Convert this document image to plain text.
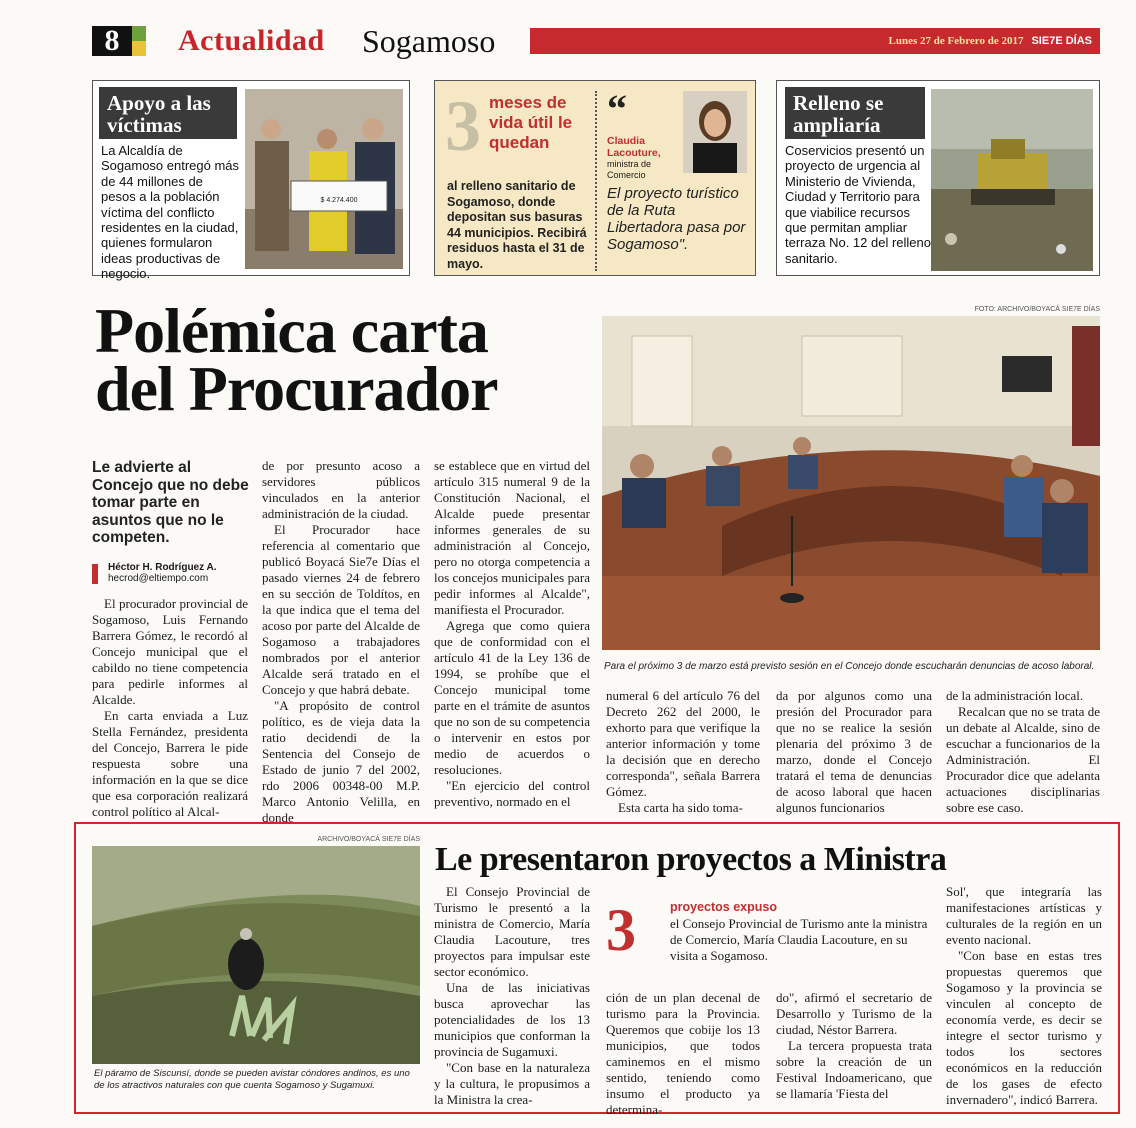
8	Actualidad Sogamoso	Lunes 27 de Febrero de 2017 SIE7E DÍAS
Apoyo a las víctimas
La Alcaldía de Sogamoso entregó más de 44 millones de pesos a la población víctima del conflicto residentes en la ciudad, quienes formularon ideas productivas de negocio.
$ 4.274.400
3 meses de vida útil le quedan
al relleno sanitario de Sogamoso, donde depositan sus basuras 44 municipios. Recibirá residuos hasta el 31 de mayo.
“
Claudia Lacouture,
ministra de Comercio
El proyecto turístico de la Ruta Libertadora pasa por Sogamoso".
Relleno se ampliaría
Coservicios presentó un proyecto de urgencia al Ministerio de Vivienda, Ciudad y Territorio para que viabilice recursos que permitan ampliar terraza No. 12 del relleno sanitario.
Polémica carta del Procurador
Le advierte al Concejo que no debe tomar parte en asuntos que no le competen.
Héctor H. Rodríguez A.
hecrod@eltiempo.com

El procurador provincial de Sogamoso, Luis Fernando Barrera Gómez, le recordó al Concejo municipal que el cabildo no tiene competencia para pedirle informes al Alcalde.

En carta enviada a Luz Stella Fernández, presidenta del Concejo, Barrera le pide respuesta sobre una información en la que se dice que esa corporación realizará control político al Alcal-

de por presunto acoso a servidores públicos vinculados en la anterior administración de la ciudad.

El Procurador hace referencia al comentario que publicó Boyacá Sie7e Días el pasado viernes 24 de febrero en su sección de Toldítos, en la que indica que el tema del acoso por parte del Alcalde de Sogamoso a trabajadores nombrados por el anterior Alcalde será tratado en el Concejo y que habrá debate.

"A propósito de control político, es de vieja data la ratio decidendi de la Sentencia del Consejo de Estado de junio 7 del 2002, rdo 2006 00348-00 M.P. Marco Antonio Velilla, en donde

se establece que en virtud del artículo 315 numeral 9 de la Constitución Nacional, el Alcalde puede presentar informes generales de su administración al Concejo, pero no otorga competencia a los concejos municipales para pedir informes al Alcalde", manifiesta el Procurador.

Agrega que como quiera que de conformidad con el artículo 41 de la Ley 136 de 1994, se prohíbe que el Concejo municipal tome parte en el trámite de asuntos que no son de su competencia o intervenir en estos por medio de acuerdos o resoluciones.

"En ejercicio del control preventivo, normado en el

FOTO: ARCHIVO/BOYACÁ SIE7E DÍAS
Para el próximo 3 de marzo está previsto sesión en el Concejo donde escucharán denuncias de acoso laboral.

numeral 6 del artículo 76 del Decreto 262 del 2000, le exhorto para que verifique la anterior información y tome la decisión que en derecho corresponda", señala Barrera Gómez.

Esta carta ha sido toma-

da por algunos como una presión del Procurador para que no se realice la sesión plenaria del próximo 3 de marzo, donde el Concejo tratará el tema de denuncias de acoso laboral que hacen algunos funcionarios

de la administración local.

Recalcan que no se trata de un debate al Alcalde, sino de escuchar a funcionarios de la Administración. El Procurador dice que adelanta actuaciones disciplinarias sobre ese caso.

ARCHIVO/BOYACÁ SIE7E DÍAS
El páramo de Siscunsí, donde se pueden avistar cóndores andinos, es uno de los atractivos naturales con que cuenta Sogamoso y Sugamuxi.
Le presentaron proyectos a Ministra

El Consejo Provincial de Turismo le presentó a la ministra de Comercio, María Claudia Lacouture, tres proyectos para impulsar este sector económico.

Una de las iniciativas busca aprovechar las potencialidades de los 13 municipios que conforman la provincia de Sugamuxi.

"Con base en la naturaleza y la cultura, le propusimos a la Ministra la crea-

3	proyectos expuso
el Consejo Provincial de Turismo ante la ministra de Comercio, María Claudia Lacouture, en su visita a Sogamoso.

ción de un plan decenal de turismo para la Provincia. Queremos que cobije los 13 municipios, que todos caminemos en el mismo sentido, teniendo como insumo el producto ya determina-

do", afirmó el secretario de Desarrollo y Turismo de la ciudad, Néstor Barrera.

La tercera propuesta trata sobre la creación de un Festival Indoamericano, que se llamaría 'Fiesta del

Sol', que integraría las manifestaciones artísticas y culturales de la región en un evento nacional.

"Con base en estas tres propuestas queremos que Sogamoso y la provincia se vinculen al concepto de economía verde, es decir se integre el sector turismo y todos los sectores económicos en la reducción de los gases de efecto invernadero", indicó Barrera.
